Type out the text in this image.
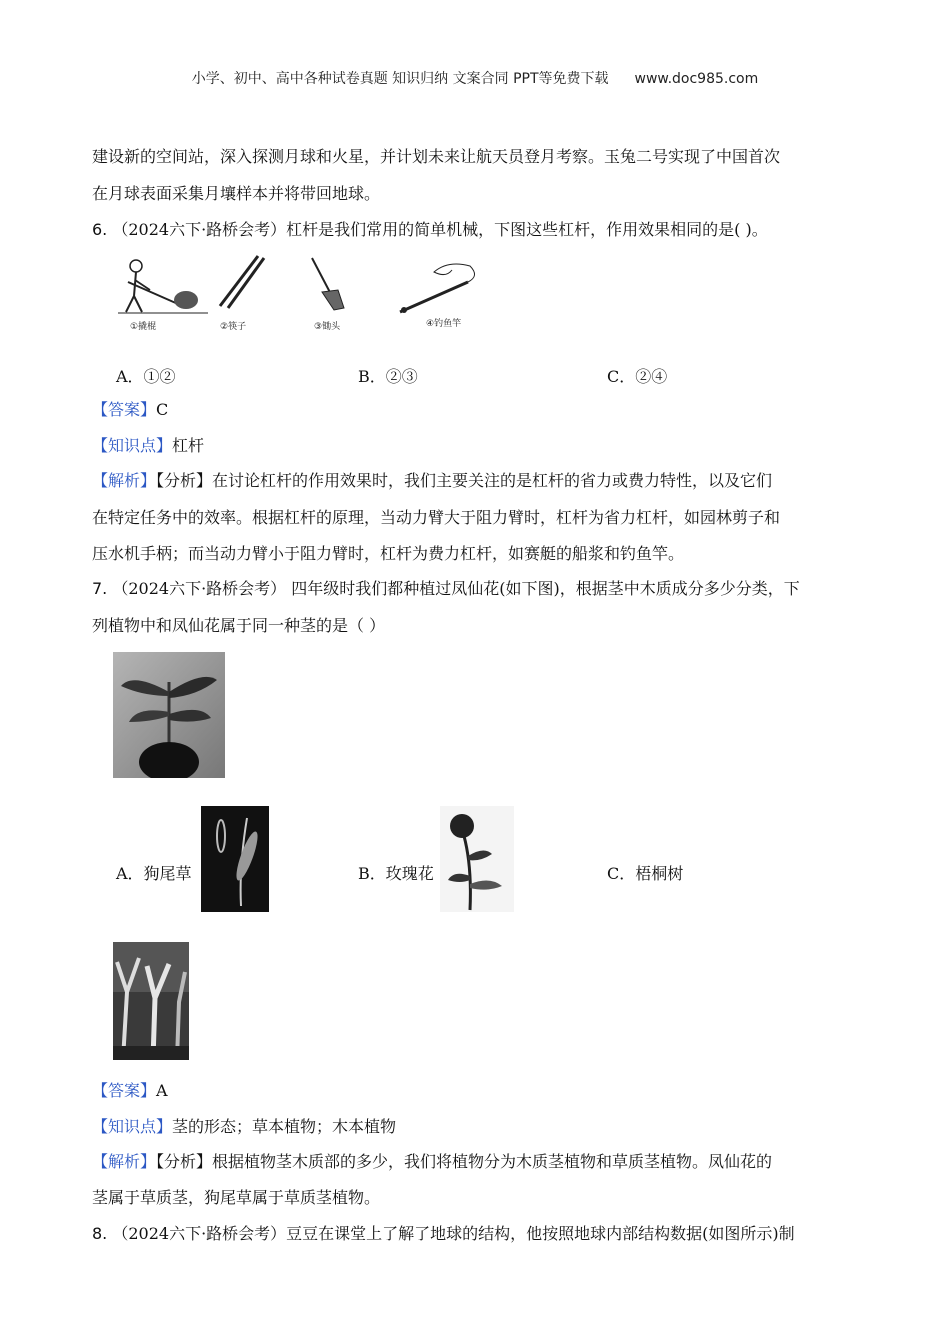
小学、初中、高中各种试卷真题 知识归纳 文案合同 PPT等免费下载 www.doc985.com
建设新的空间站，深入探测月球和火星，并计划未来让航天员登月考察。玉兔二号实现了中国首次
在月球表面采集月壤样本并将带回地球。
6. （2024六下·路桥会考）杠杆是我们常用的简单机械，下图这些杠杆，作用效果相同的是( )。
①撬棍	②筷子	③锄头	④钓鱼竿
A．①②	B．②③	C．②④
【答案】C
【知识点】杠杆
【解析】【分析】在讨论杠杆的作用效果时，我们主要关注的是杠杆的省力或费力特性，以及它们
在特定任务中的效率。根据杠杆的原理，当动力臂大于阻力臂时，杠杆为省力杠杆，如园林剪子和
压水机手柄；而当动力臂小于阻力臂时，杠杆为费力杠杆，如赛艇的船浆和钓鱼竿。
7. （2024六下·路桥会考） 四年级时我们都种植过凤仙花(如下图)，根据茎中木质成分多少分类，下
列植物中和凤仙花属于同一种茎的是（ ）
A．狗尾草	B．玫瑰花	C．梧桐树
【答案】A
【知识点】茎的形态；草本植物；木本植物
【解析】【分析】根据植物茎木质部的多少，我们将植物分为木质茎植物和草质茎植物。凤仙花的
茎属于草质茎，狗尾草属于草质茎植物。
8. （2024六下·路桥会考）豆豆在课堂上了解了地球的结构，他按照地球内部结构数据(如图所示)制
